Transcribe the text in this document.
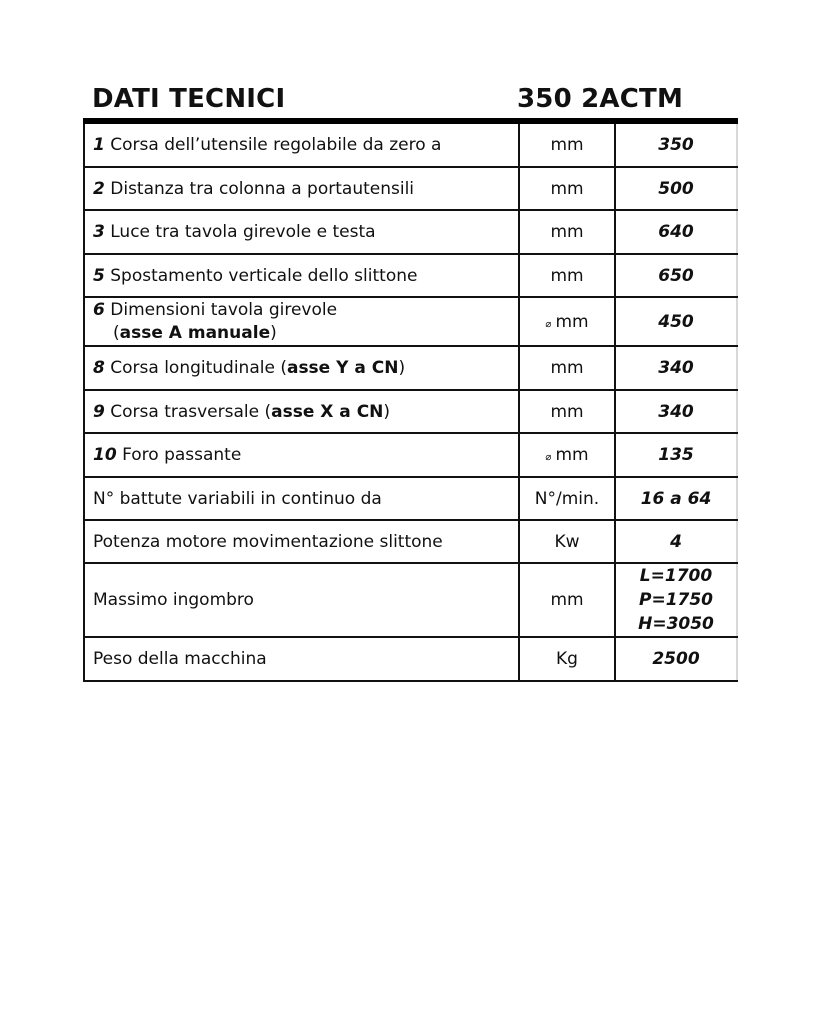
DATI TECNICI	350 2ACTM
1 Corsa dell’utensile regolabile da zero a	mm	350
2 Distanza tra colonna a portautensili	mm	500
3 Luce tra tavola girevole e testa	mm	640
5 Spostamento verticale dello slittone	mm	650
6 Dimensioni tavola girevole
(asse A manuale)	⌀ mm	450
8 Corsa longitudinale (asse Y a CN)	mm	340
9 Corsa trasversale (asse X a CN)	mm	340
10 Foro passante	⌀ mm	135
N° battute variabili in continuo da	N°/min.	16 a 64
Potenza motore movimentazione slittone	Kw	4
Massimo ingombro	mm	L=1700
P=1750
H=3050

Peso della macchina	Kg	2500
